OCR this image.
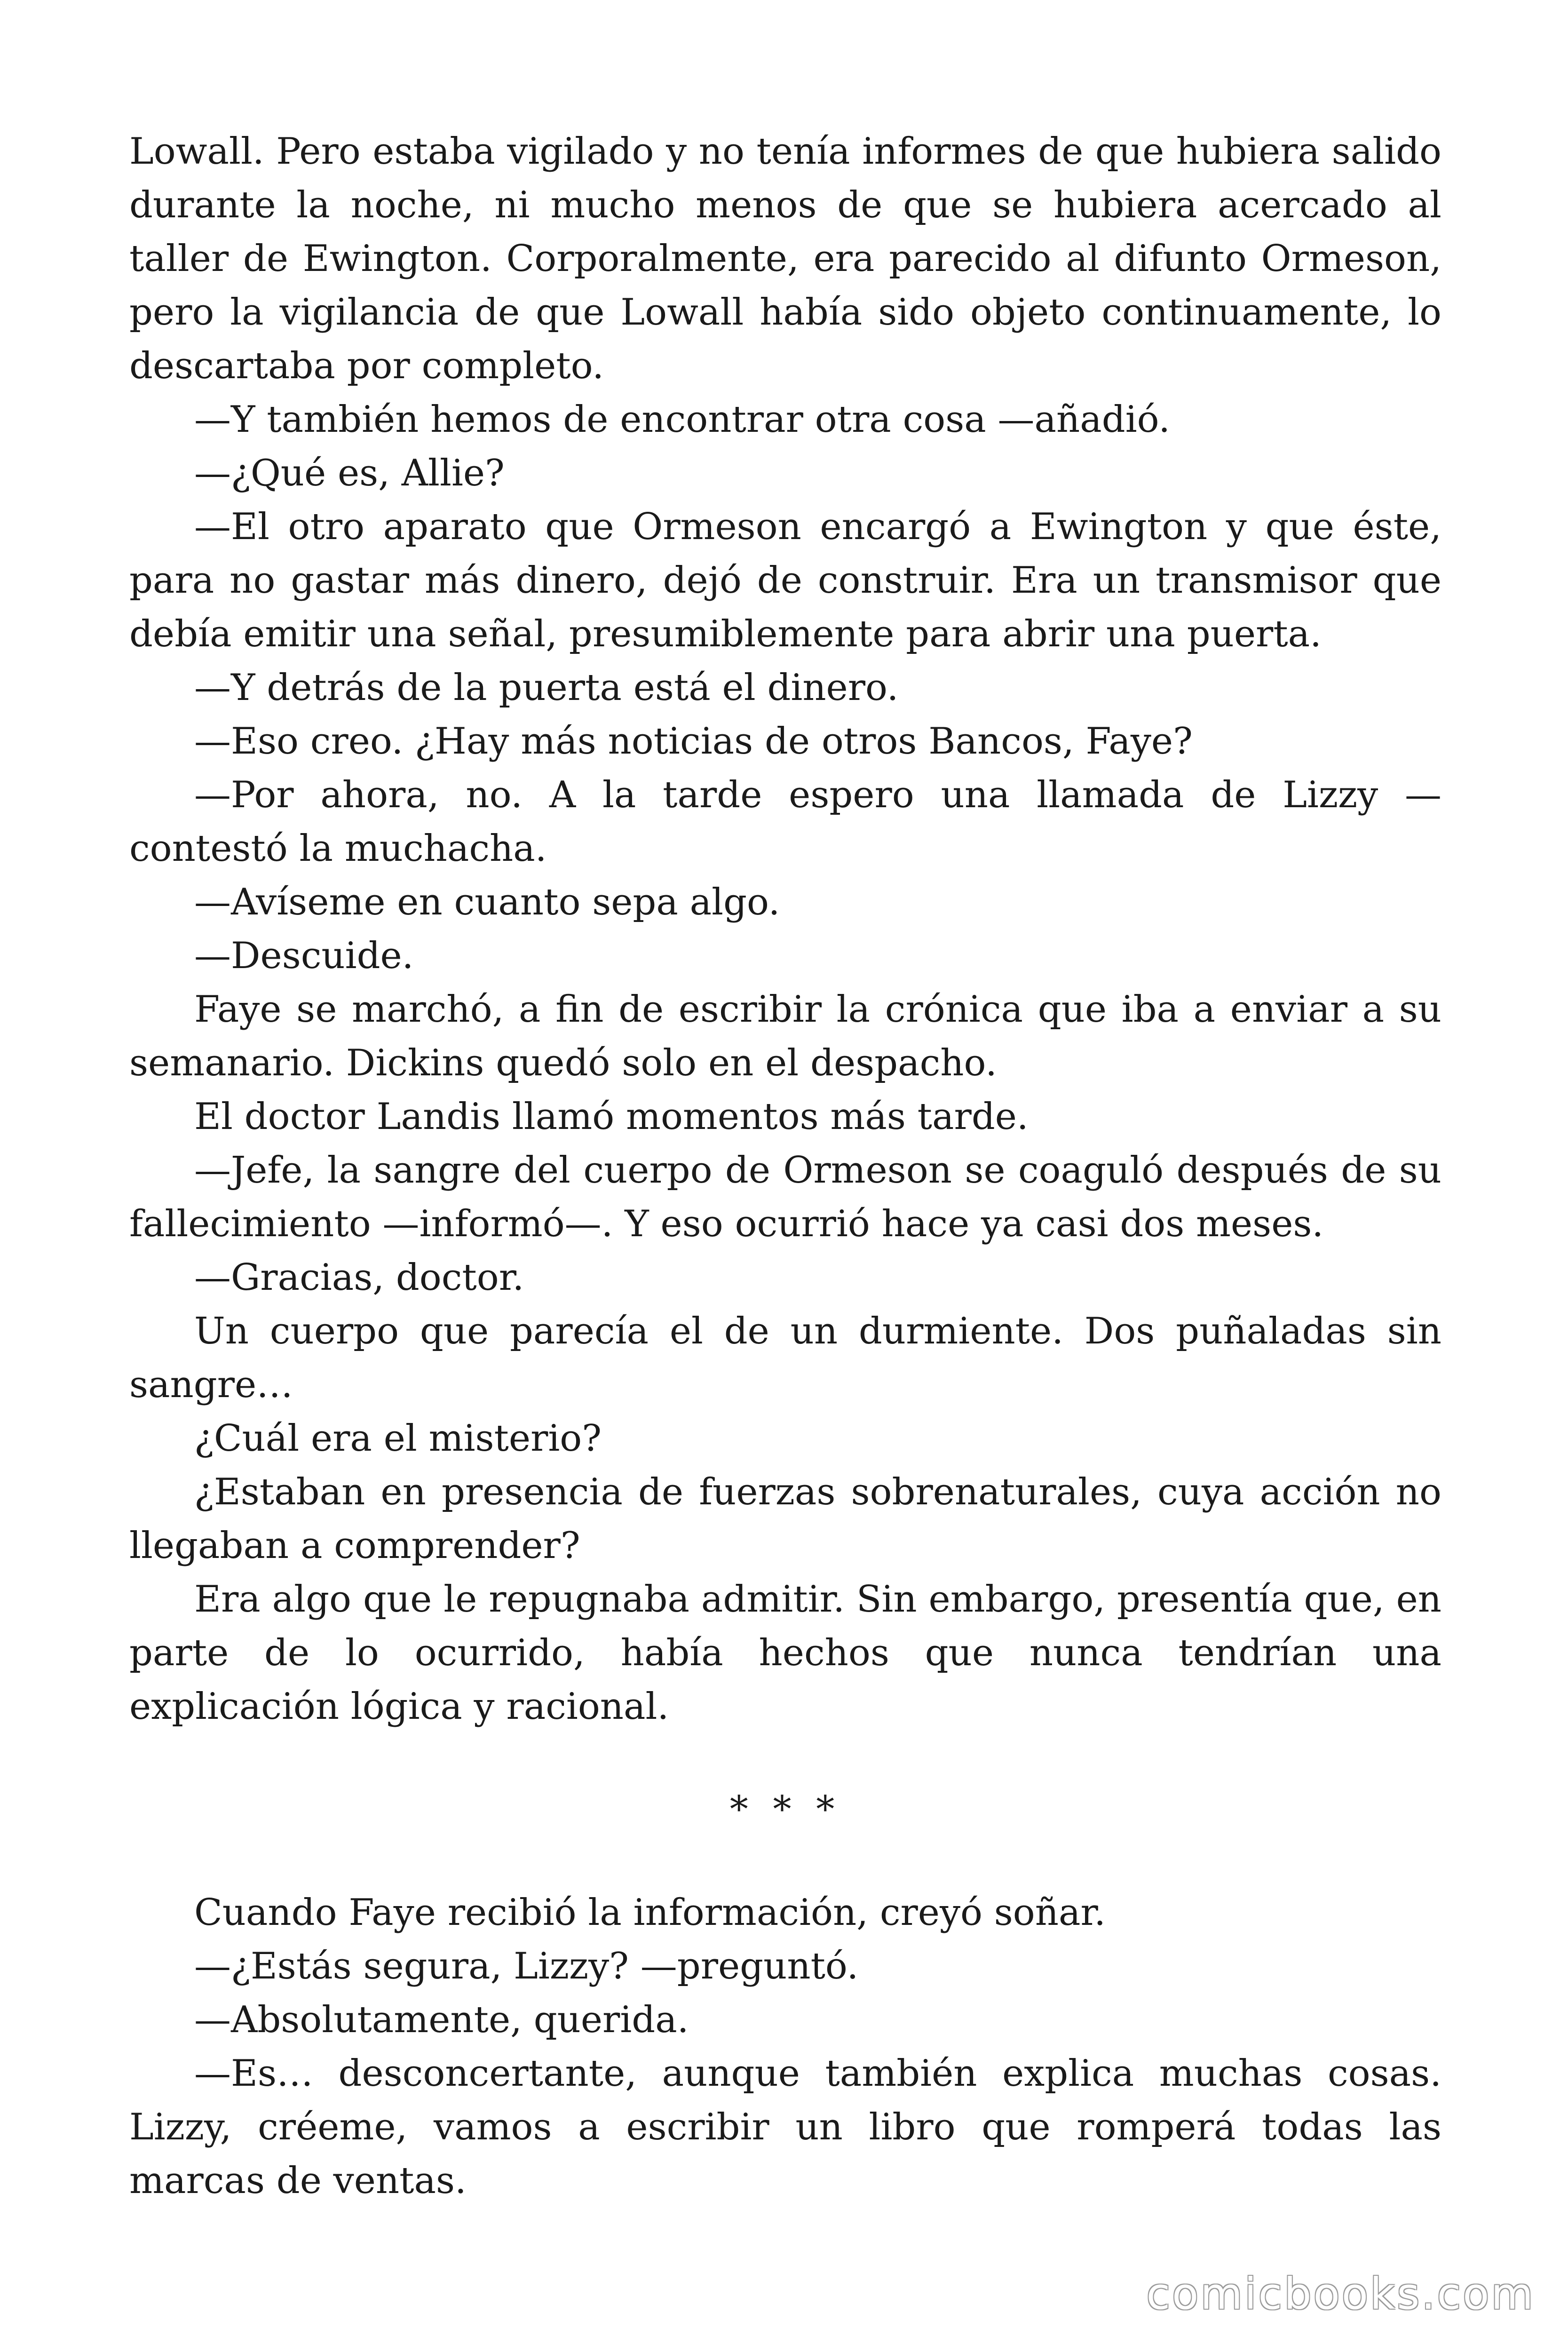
Lowall. Pero estaba vigilado y no tenía informes de que hubiera salido durante la noche, ni mucho menos de que se hubiera acercado al taller de Ewington. Corporalmente, era parecido al difunto Ormeson, pero la vigilancia de que Lowall había sido objeto continuamente, lo descartaba por completo.

—Y también hemos de encontrar otra cosa —añadió.

—¿Qué es, Allie?

—El otro aparato que Ormeson encargó a Ewington y que éste, para no gastar más dinero, dejó de construir. Era un transmisor que debía emitir una señal, presumiblemente para abrir una puerta.

—Y detrás de la puerta está el dinero.

—Eso creo. ¿Hay más noticias de otros Bancos, Faye?

—Por ahora, no. A la tarde espero una llamada de Lizzy — contestó la muchacha.

—Avíseme en cuanto sepa algo.

—Descuide.

Faye se marchó, a fin de escribir la crónica que iba a enviar a su semanario. Dickins quedó solo en el despacho.

El doctor Landis llamó momentos más tarde.

—Jefe, la sangre del cuerpo de Ormeson se coaguló después de su fallecimiento —informó—. Y eso ocurrió hace ya casi dos meses.

—Gracias, doctor.

Un cuerpo que parecía el de un durmiente. Dos puñaladas sin sangre…

¿Cuál era el misterio?

¿Estaban en presencia de fuerzas sobrenaturales, cuya acción no llegaban a comprender?

Era algo que le repugnaba admitir. Sin embargo, presentía que, en parte de lo ocurrido, había hechos que nunca tendrían una explicación lógica y racional.

* * *

Cuando Faye recibió la información, creyó soñar.

—¿Estás segura, Lizzy? —preguntó.

—Absolutamente, querida.

—Es… desconcertante, aunque también explica muchas cosas. Lizzy, créeme, vamos a escribir un libro que romperá todas las marcas de ventas.

comicbooks.com
